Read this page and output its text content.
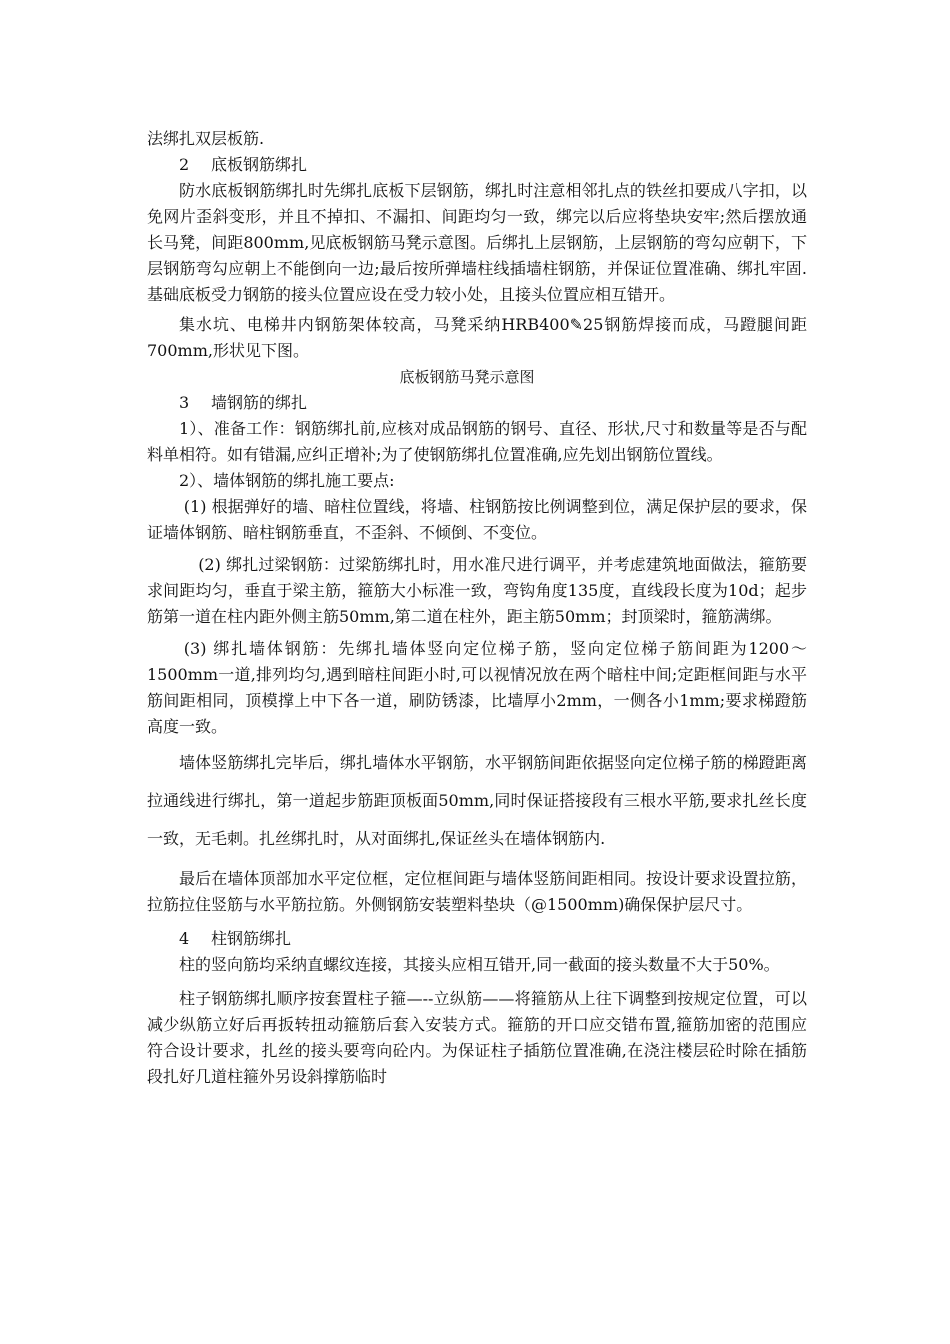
法绑扎双层板筋.

2 底板钢筋绑扎

防水底板钢筋绑扎时先绑扎底板下层钢筋，绑扎时注意相邻扎点的铁丝扣要成八字扣，以免网片歪斜变形，并且不掉扣、不漏扣、间距均匀一致，绑完以后应将垫块安牢;然后摆放通长马凳，间距800mm,见底板钢筋马凳示意图。后绑扎上层钢筋，上层钢筋的弯勾应朝下，下层钢筋弯勾应朝上不能倒向一边;最后按所弹墙柱线插墙柱钢筋，并保证位置准确、绑扎牢固.基础底板受力钢筋的接头位置应设在受力较小处，且接头位置应相互错开。

集水坑、电梯井内钢筋架体较高，马凳采纳HRB400✎25钢筋焊接而成，马蹬腿间距700mm,形状见下图。

底板钢筋马凳示意图

3 墙钢筋的绑扎

1）、准备工作：钢筋绑扎前,应核对成品钢筋的钢号、直径、形状,尺寸和数量等是否与配料单相符。如有错漏,应纠正增补;为了使钢筋绑扎位置准确,应先划出钢筋位置线。

2）、墙体钢筋的绑扎施工要点:

(1) 根据弹好的墙、暗柱位置线，将墙、柱钢筋按比例调整到位，满足保护层的要求，保证墙体钢筋、暗柱钢筋垂直，不歪斜、不倾倒、不变位。

(2) 绑扎过梁钢筋：过梁筋绑扎时，用水准尺进行调平，并考虑建筑地面做法，箍筋要求间距均匀，垂直于梁主筋，箍筋大小标准一致，弯钩角度135度，直线段长度为10d；起步筋第一道在柱内距外侧主筋50mm,第二道在柱外，距主筋50mm；封顶梁时，箍筋满绑。

(3) 绑扎墙体钢筋：先绑扎墙体竖向定位梯子筋，竖向定位梯子筋间距为1200～1500mm一道,排列均匀,遇到暗柱间距小时,可以视情况放在两个暗柱中间;定距框间距与水平筋间距相同，顶模撑上中下各一道，刷防锈漆，比墙厚小2mm，一侧各小1mm;要求梯蹬筋高度一致。

墙体竖筋绑扎完毕后，绑扎墙体水平钢筋，水平钢筋间距依据竖向定位梯子筋的梯蹬距离拉通线进行绑扎，第一道起步筋距顶板面50mm,同时保证搭接段有三根水平筋,要求扎丝长度一致，无毛刺。扎丝绑扎时，从对面绑扎,保证丝头在墙体钢筋内.

最后在墙体顶部加水平定位框，定位框间距与墙体竖筋间距相同。按设计要求设置拉筋，拉筋拉住竖筋与水平筋拉筋。外侧钢筋安装塑料垫块（@1500mm)确保保护层尺寸。

4 柱钢筋绑扎

柱的竖向筋均采纳直螺纹连接，其接头应相互错开,同一截面的接头数量不大于50%。

柱子钢筋绑扎顺序按套置柱子箍—--立纵筋——将箍筋从上往下调整到按规定位置，可以减少纵筋立好后再扳转扭动箍筋后套入安装方式。箍筋的开口应交错布置,箍筋加密的范围应符合设计要求，扎丝的接头要弯向砼内。为保证柱子插筋位置准确,在浇注楼层砼时除在插筋段扎好几道柱箍外另设斜撑筋临时
